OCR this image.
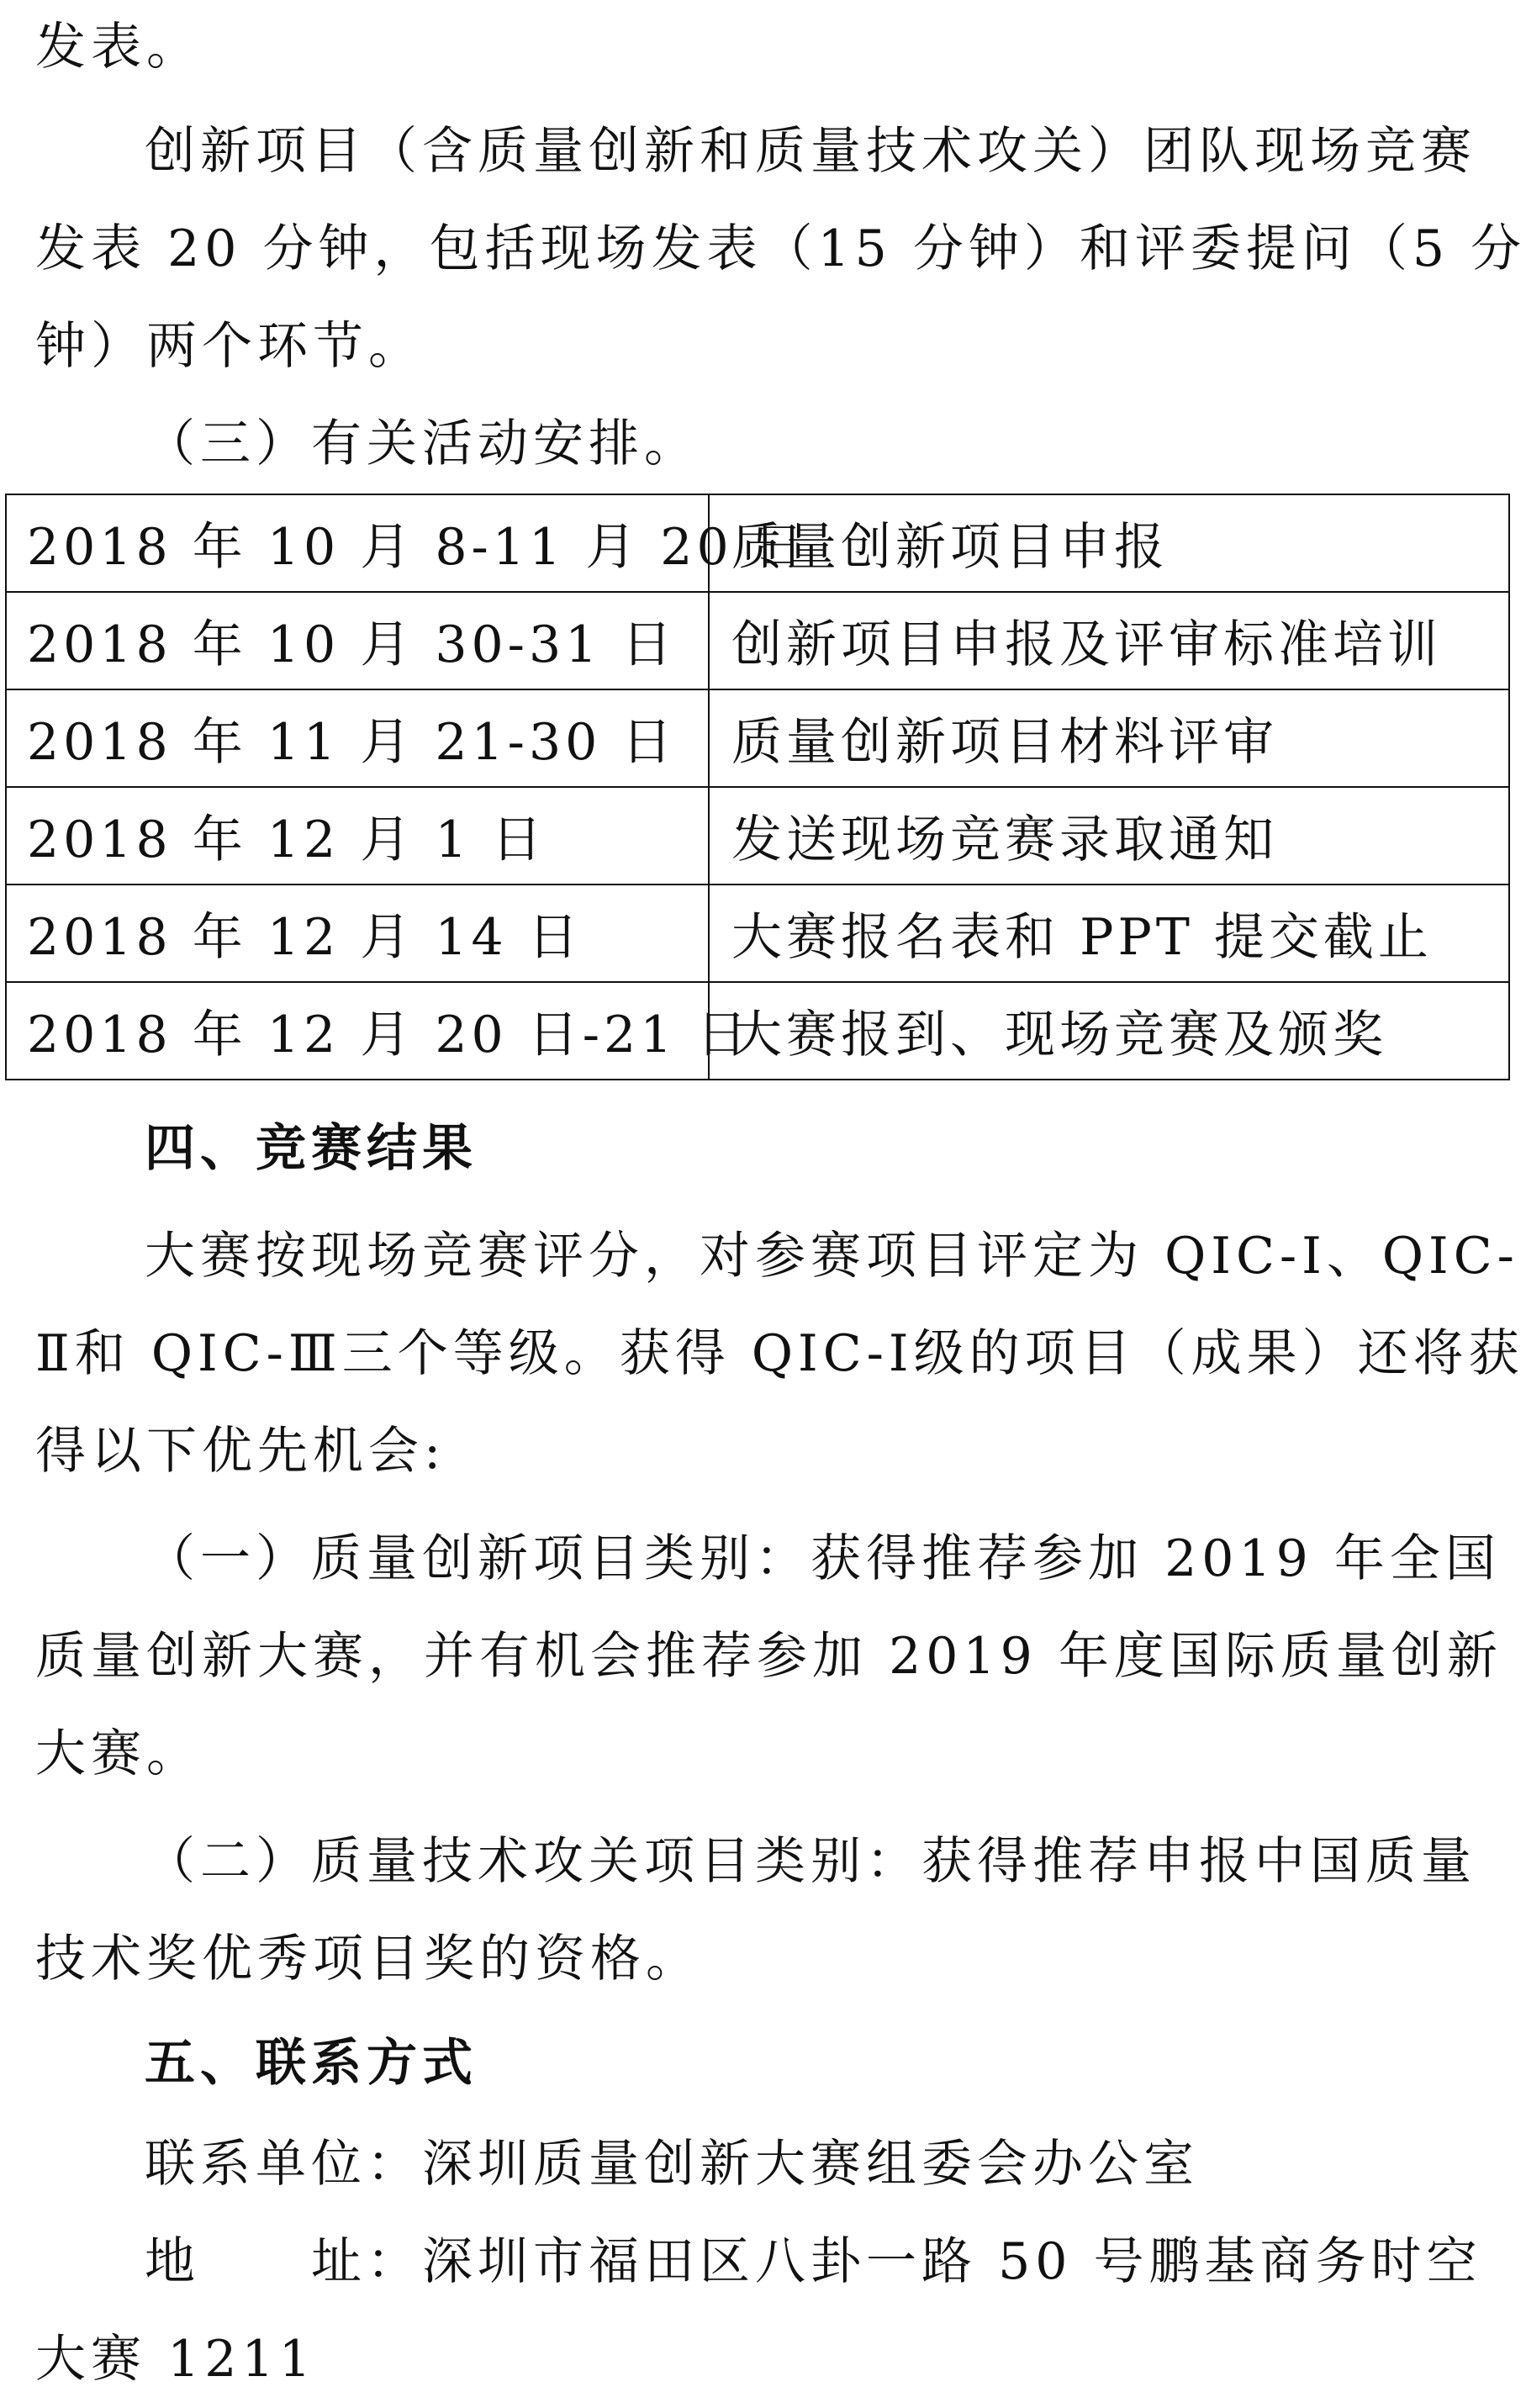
发表。
创新项目（含质量创新和质量技术攻关）团队现场竞赛
发表 20 分钟，包括现场发表（15 分钟）和评委提问（5 分
钟）两个环节。
（三）有关活动安排。
2018 年 10 月 8-11 月 20 日	质量创新项目申报
2018 年 10 月 30-31 日	创新项目申报及评审标准培训
2018 年 11 月 21-30 日	质量创新项目材料评审
2018 年 12 月 1 日	发送现场竞赛录取通知
2018 年 12 月 14 日	大赛报名表和 PPT 提交截止
2018 年 12 月 20 日-21 日	大赛报到、现场竞赛及颁奖
四、竞赛结果
大赛按现场竞赛评分，对参赛项目评定为 QIC-Ⅰ、QIC-
Ⅱ和 QIC-Ⅲ三个等级。获得 QIC-Ⅰ级的项目（成果）还将获
得以下优先机会:
（一）质量创新项目类别：获得推荐参加 2019 年全国
质量创新大赛，并有机会推荐参加 2019 年度国际质量创新
大赛。
（二）质量技术攻关项目类别：获得推荐申报中国质量
技术奖优秀项目奖的资格。
五、联系方式
联系单位：深圳质量创新大赛组委会办公室
地　　址：深圳市福田区八卦一路 50 号鹏基商务时空
大赛 1211
